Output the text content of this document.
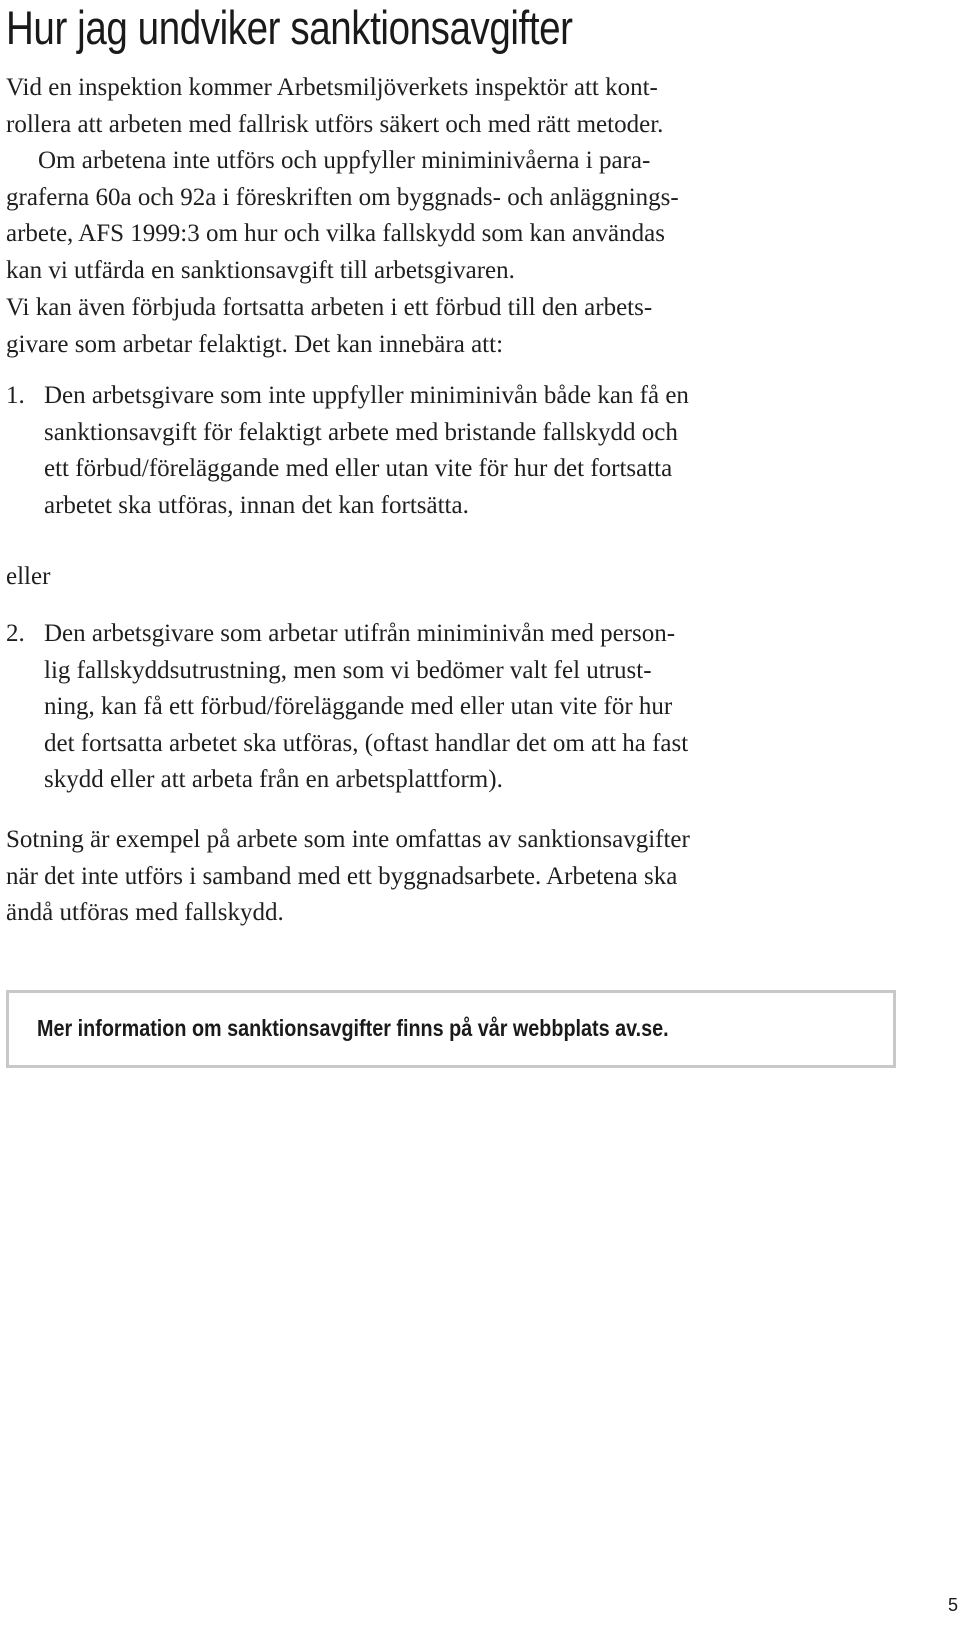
Hur jag undviker sanktionsavgifter
Vid en inspektion kommer Arbetsmiljöverkets inspektör att kont-
rollera att arbeten med fallrisk utförs säkert och med rätt metoder.
Om arbetena inte utförs och uppfyller miniminivåerna i para-
graferna 60a och 92a i föreskriften om byggnads- och anläggnings-
arbete, AFS 1999:3 om hur och vilka fallskydd som kan användas
kan vi utfärda en sanktionsavgift till arbetsgivaren.
Vi kan även förbjuda fortsatta arbeten i ett förbud till den arbets-
givare som arbetar felaktigt. Det kan innebära att:
1. Den arbetsgivare som inte uppfyller miniminivån både kan få en
sanktionsavgift för felaktigt arbete med bristande fallskydd och
ett förbud/föreläggande med eller utan vite för hur det fortsatta
arbetet ska utföras, innan det kan fortsätta.
eller
2. Den arbetsgivare som arbetar utifrån miniminivån med person-
lig fallskyddsutrustning, men som vi bedömer valt fel utrust-
ning, kan få ett förbud/föreläggande med eller utan vite för hur
det fortsatta arbetet ska utföras, (oftast handlar det om att ha fast
skydd eller att arbeta från en arbetsplattform).
Sotning är exempel på arbete som inte omfattas av sanktionsavgifter
när det inte utförs i samband med ett byggnadsarbete. Arbetena ska
ändå utföras med fallskydd.
Mer information om sanktionsavgifter finns på vår webbplats av.se.
5
